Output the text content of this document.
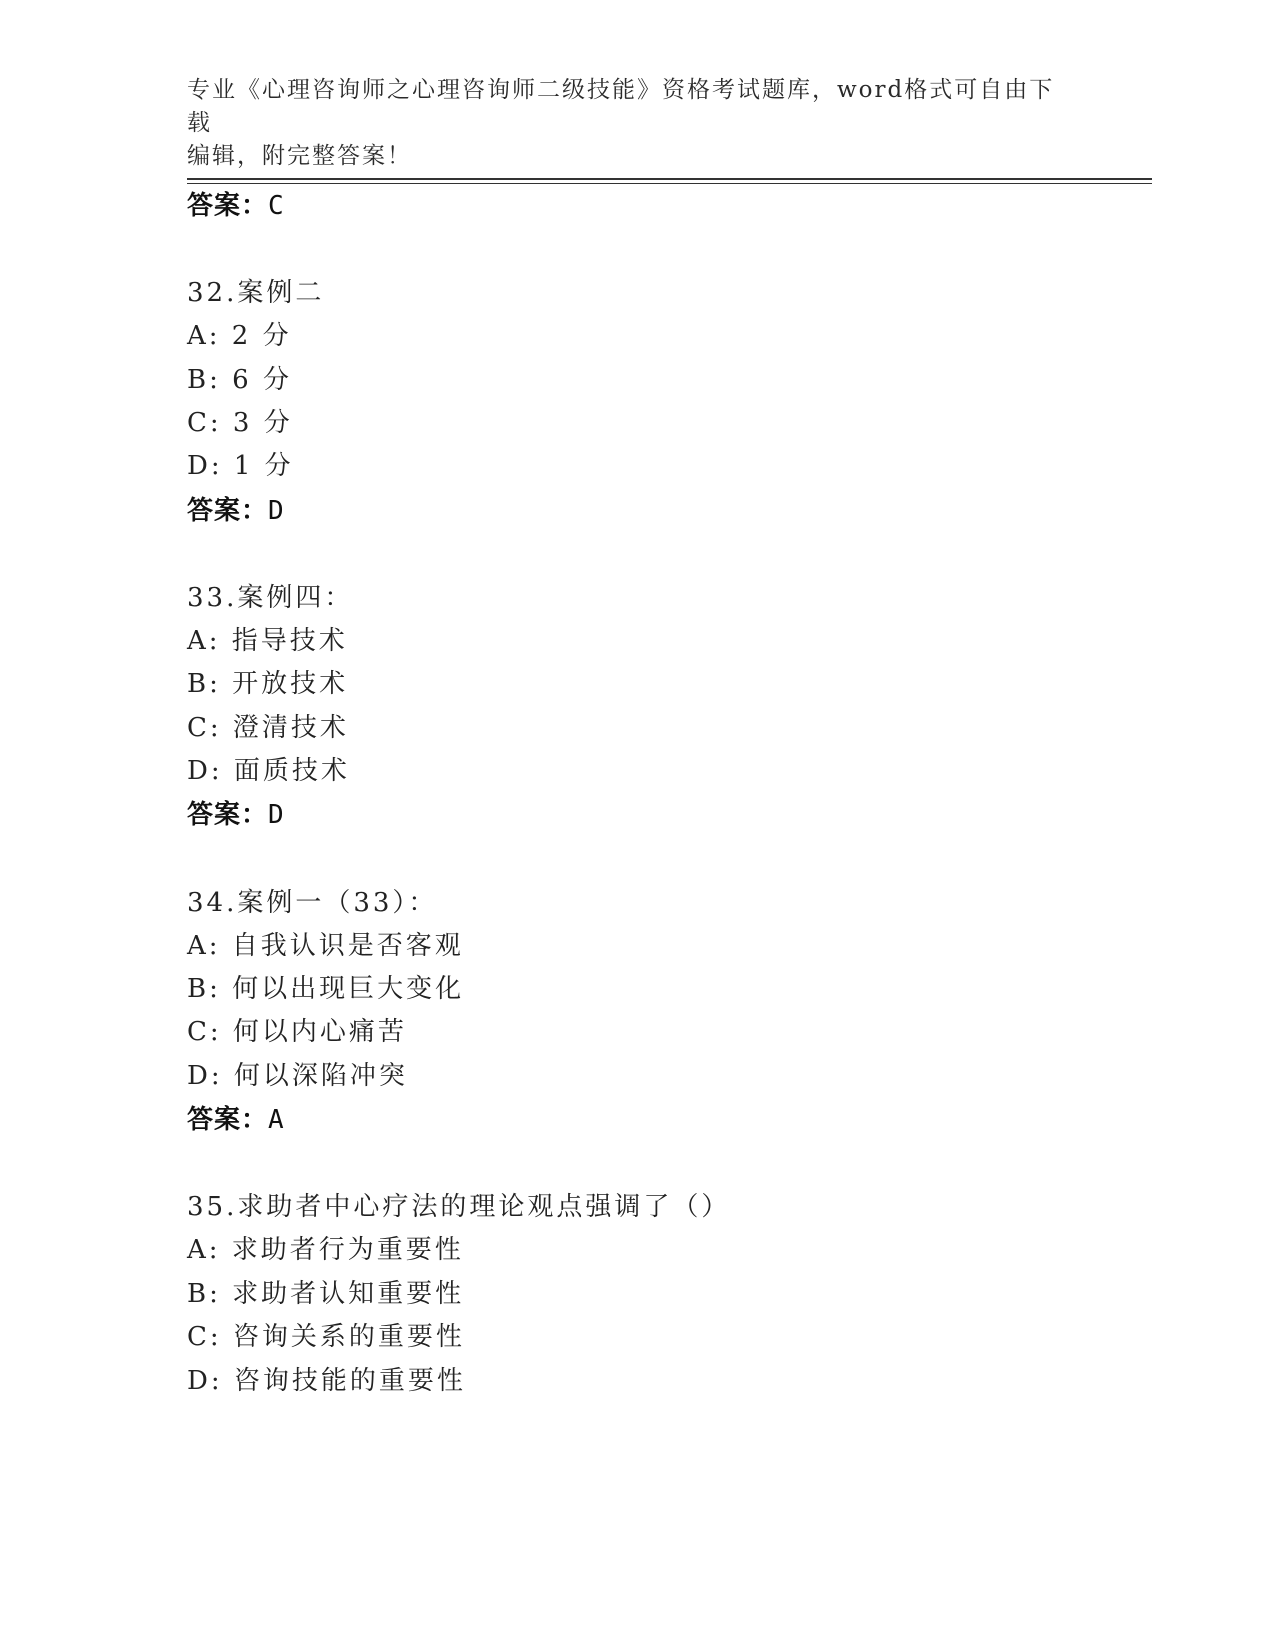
专业《心理咨询师之心理咨询师二级技能》资格考试题库，word格式可自由下载
编辑，附完整答案！
答案：C
32.案例二
A: 2 分
B: 6 分
C: 3 分
D: 1 分
答案：D
33.案例四：
A: 指导技术
B: 开放技术
C: 澄清技术
D: 面质技术
答案：D
34.案例一（33）：
A: 自我认识是否客观
B: 何以出现巨大变化
C: 何以内心痛苦
D: 何以深陷冲突
答案：A
35.求助者中心疗法的理论观点强调了（）
A: 求助者行为重要性
B: 求助者认知重要性
C: 咨询关系的重要性
D: 咨询技能的重要性
